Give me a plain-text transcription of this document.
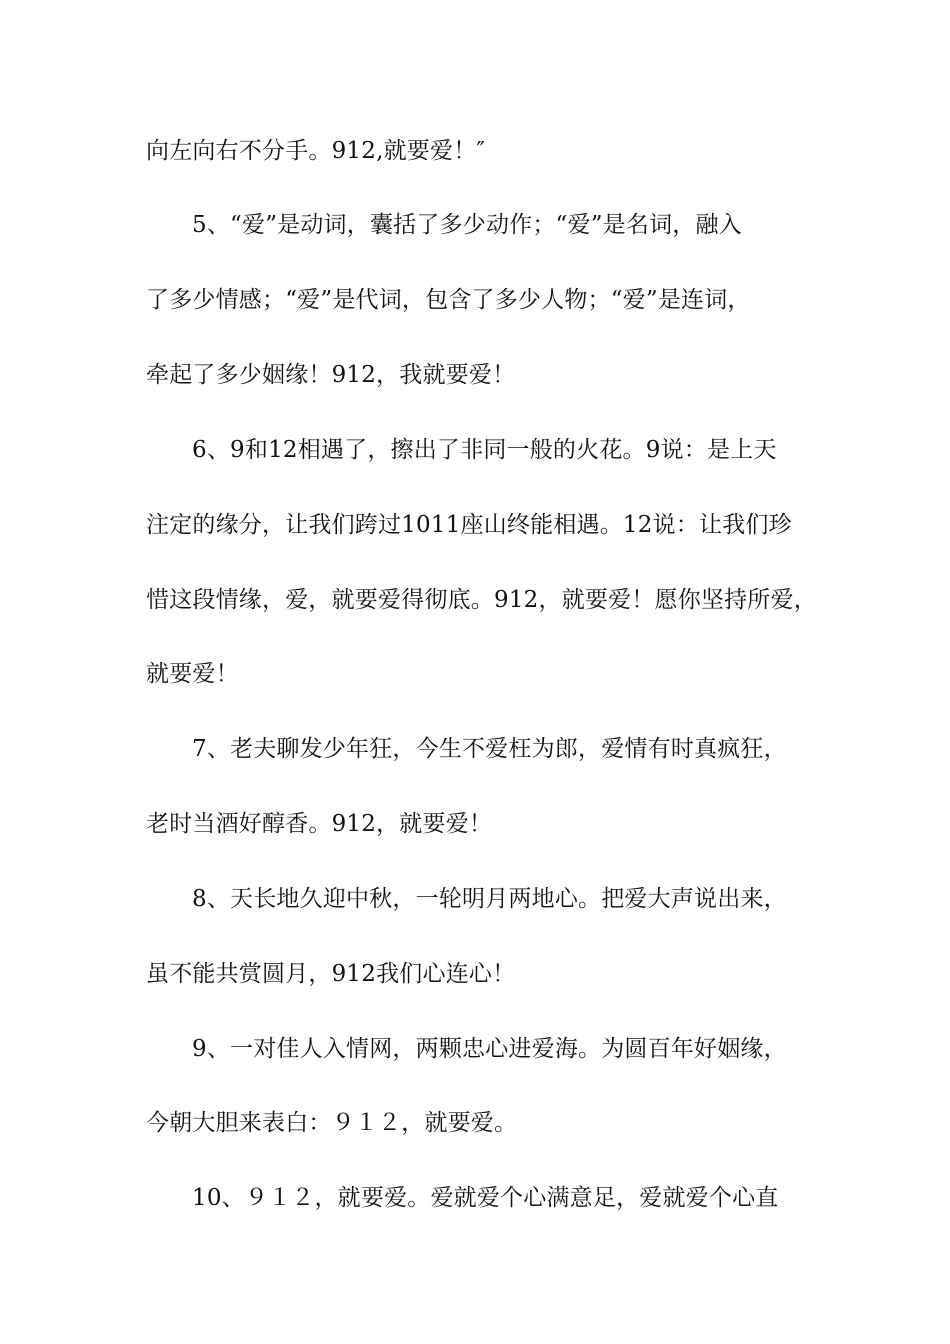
向左向右不分手。912,就要爱！″
5、“爱”是动词，囊括了多少动作；“爱”是名词，融入
了多少情感；“爱”是代词，包含了多少人物；“爱”是连词，
牵起了多少姻缘！912，我就要爱！
6、9和12相遇了，擦出了非同一般的火花。9说：是上天
注定的缘分，让我们跨过1011座山终能相遇。12说：让我们珍
惜这段情缘，爱，就要爱得彻底。912，就要爱！愿你坚持所爱，
就要爱！
7、老夫聊发少年狂，今生不爱枉为郎，爱情有时真疯狂，
老时当酒好醇香。912，就要爱！
8、天长地久迎中秋，一轮明月两地心。把爱大声说出来，
虽不能共赏圆月，912我们心连心！
9、一对佳人入情网，两颗忠心进爱海。为圆百年好姻缘，
今朝大胆来表白：９１２，就要爱。
10、９１２，就要爱。爱就爱个心满意足，爱就爱个心直
